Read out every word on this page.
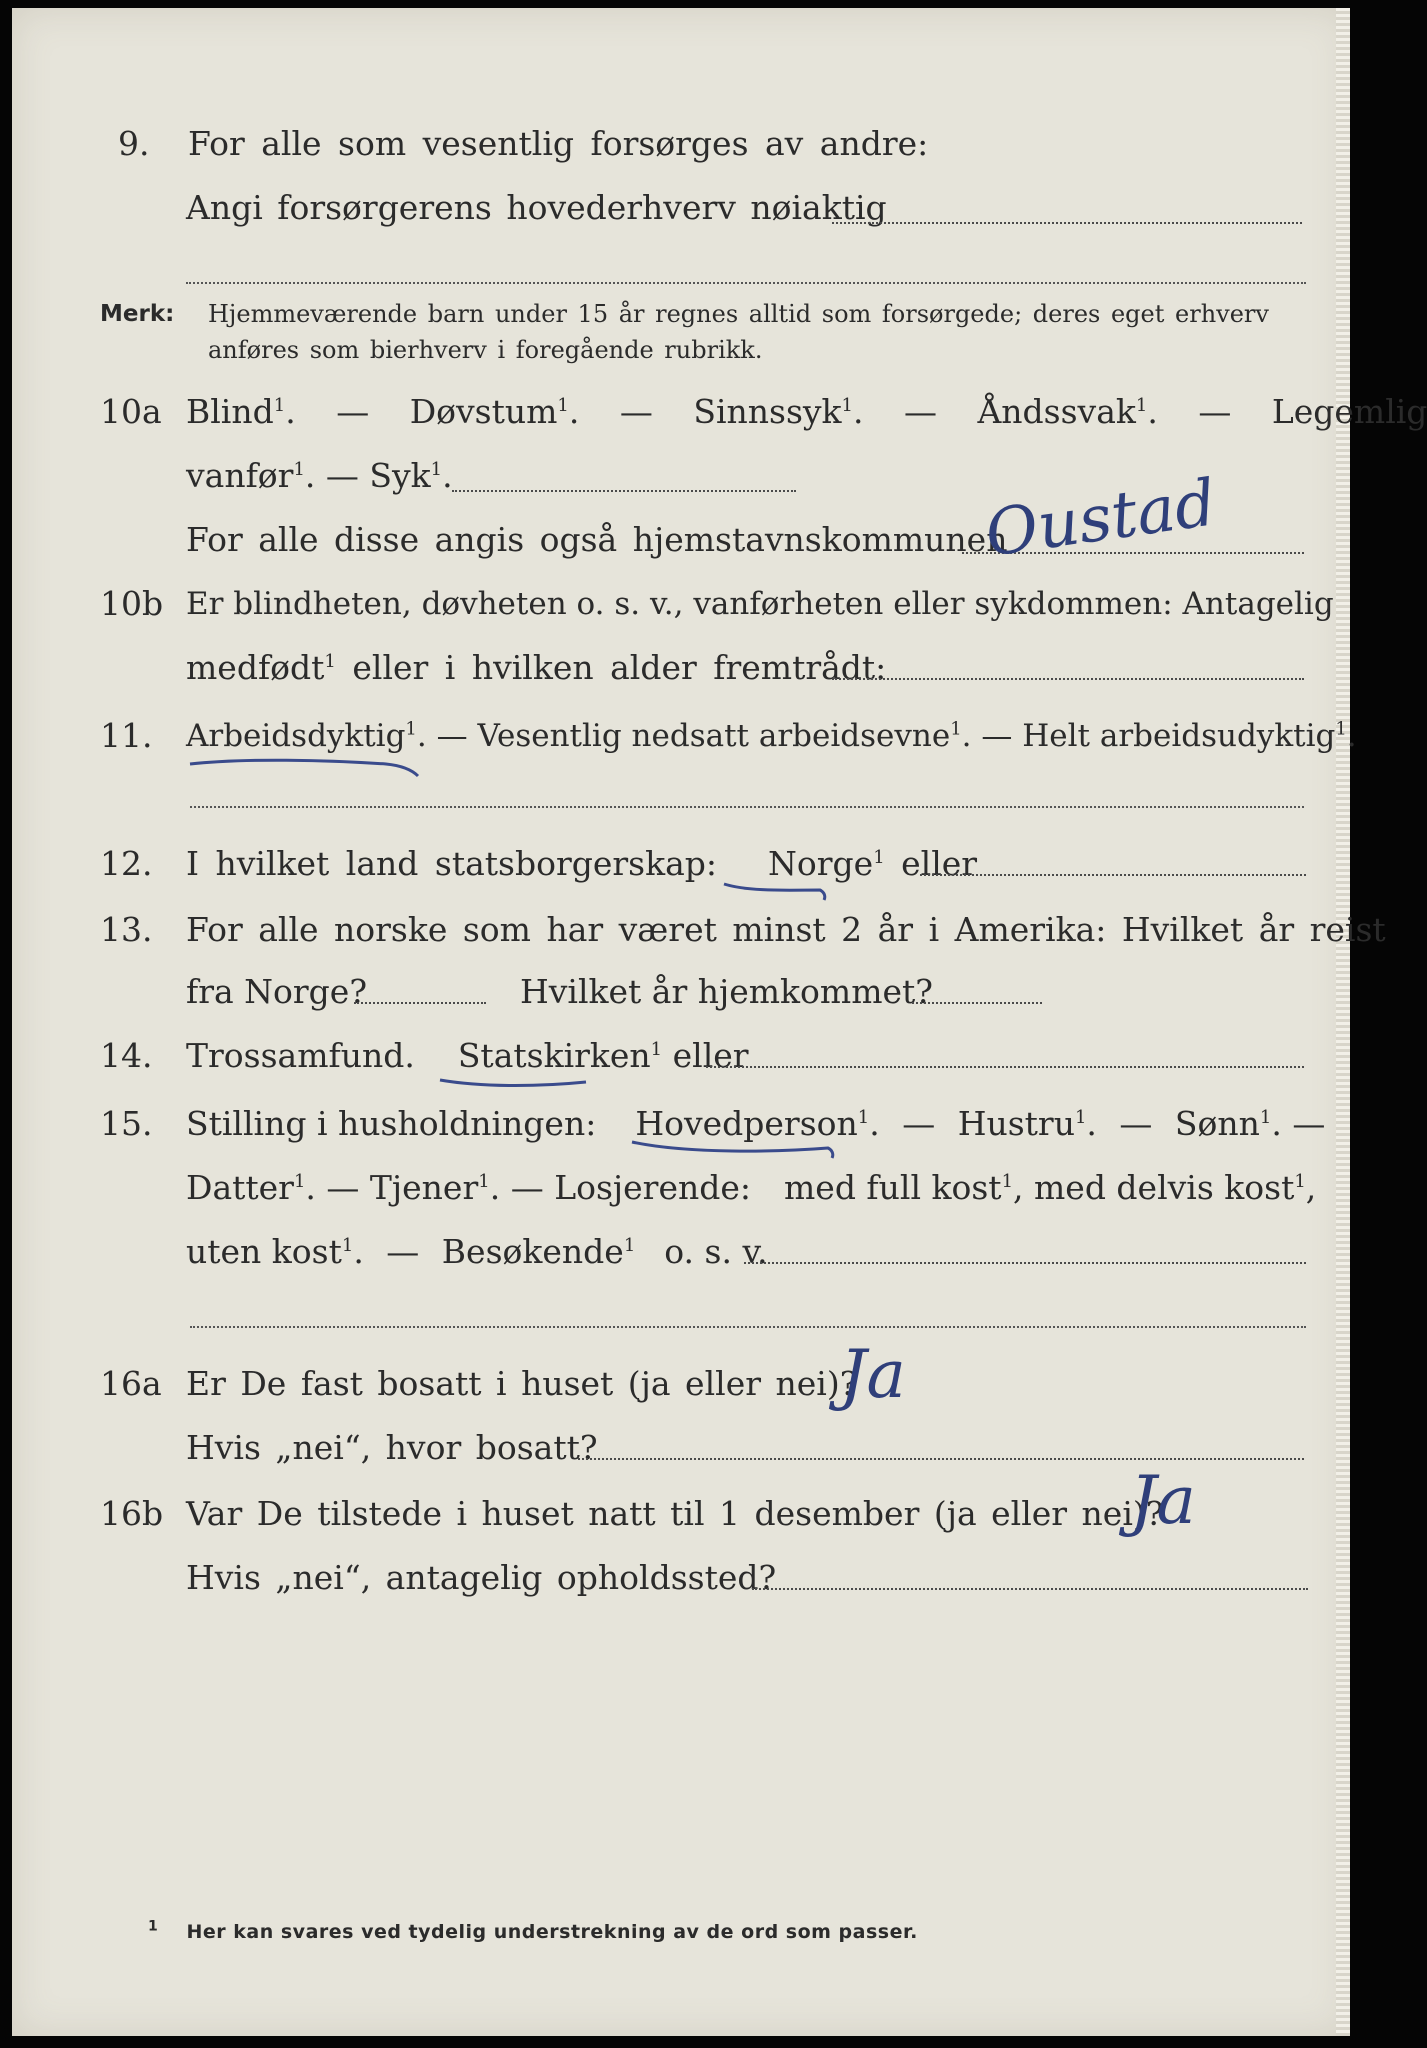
9. For alle som vesentlig forsørges av andre:
Angi forsørgerens hovederhverv nøiaktig
Merk: Hjemmeværende barn under 15 år regnes alltid som forsørgede; deres eget erhverv
anføres som bierhverv i foregående rubrikk.
10a Blind$^1$. — Døvstum$^1$. — Sinnssyk$^1$. — Åndssvak$^1$. — Legemlig
vanfør$^1$. — Syk$^1$.
For alle disse angis også hjemstavnskommunen
Oustad
10b Er blindheten, døvheten o. s. v., vanførheten eller sykdommen: Antagelig
medfødt$^1$ eller i hvilken alder fremtrådt:
11. Arbeidsdyktig$^1$. — Vesentlig nedsatt arbeidsevne$^1$. — Helt arbeidsudyktig$^1$.
12. I hvilket land statsborgerskap: Norge$^1$ eller
13. For alle norske som har været minst 2 år i Amerika: Hvilket år reist
fra Norge?	Hvilket år hjemkommet?
14. Trossamfund. Statskirken$^1$ eller
15. Stilling i husholdningen: Hovedperson$^1$. — Hustru$^1$. — Sønn$^1$. —
Datter$^1$. — Tjener$^1$. — Losjerende: med full kost$^1$, med delvis kost$^1$,
uten kost$^1$. — Besøkende$^1$ o. s. v.
16a Er De fast bosatt i huset (ja eller nei)?
Ja
Hvis „nei“, hvor bosatt?
16b Var De tilstede i huset natt til 1 desember (ja eller nei)?
Ja
Hvis „nei“, antagelig opholdssted?
$^1$ Her kan svares ved tydelig understrekning av de ord som passer.
